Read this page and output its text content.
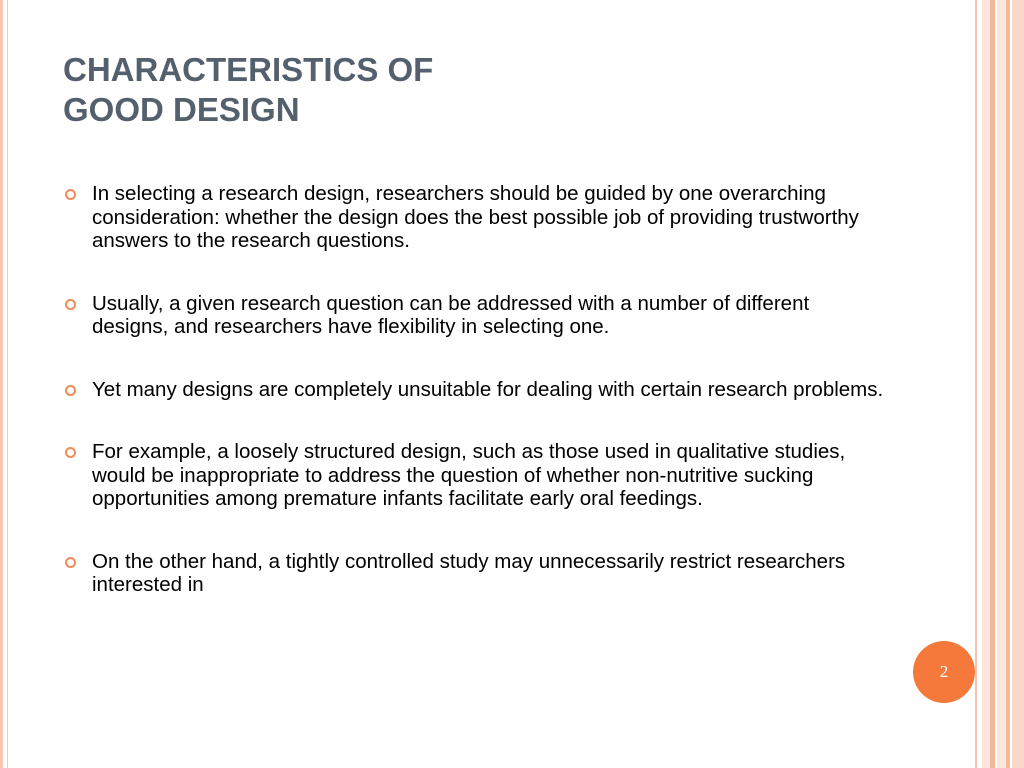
CHARACTERISTICS OF
GOOD DESIGN
In selecting a research design, researchers should be guided by one overarching consideration: whether the design does the best possible job of providing trustworthy answers to the research questions.
Usually, a given research question can be addressed with a number of different designs, and researchers have flexibility in selecting one.
Yet many designs are completely unsuitable for dealing with certain research problems.
For example, a loosely structured design, such as those used in qualitative studies, would be inappropriate to address the question of whether non-nutritive sucking opportunities among premature infants facilitate early oral feedings.
On the other hand, a tightly controlled study may unnecessarily restrict researchers interested in
2
